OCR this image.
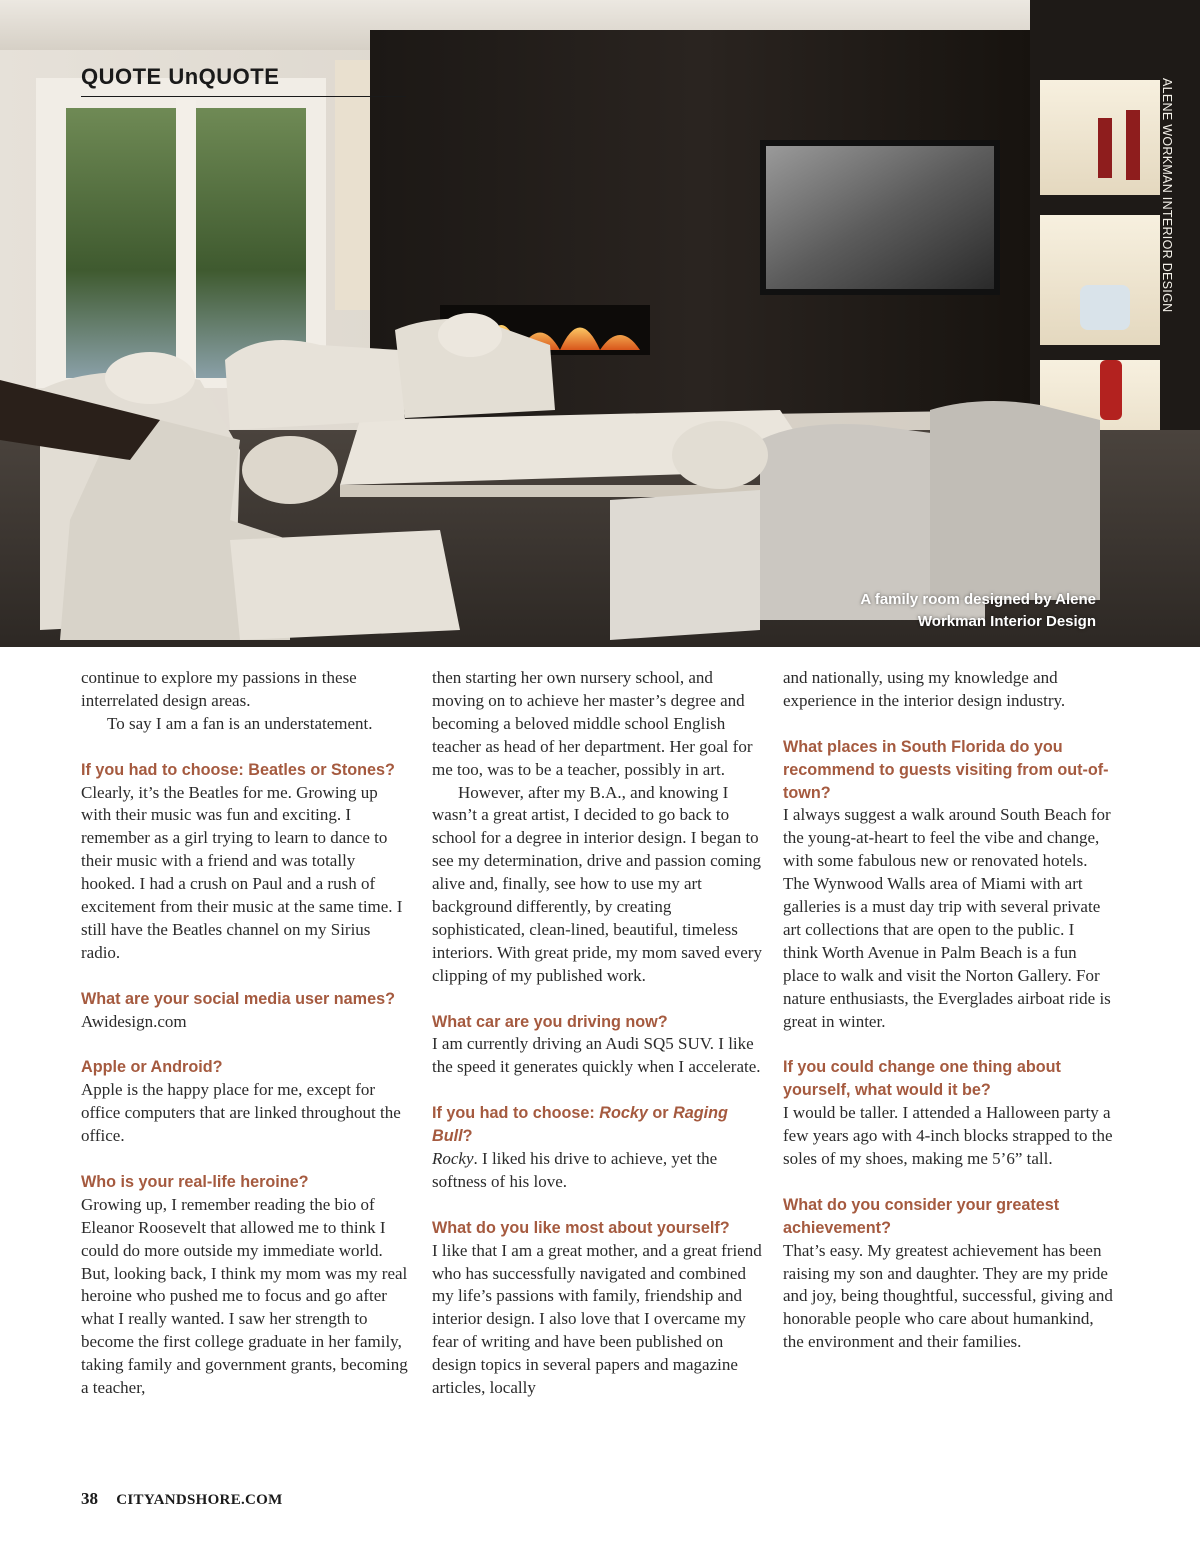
QUOTE UnQUOTE
ALENE WORKMAN INTERIOR DESIGN
A family room designed by Alene
Workman Interior Design

continue to explore my passions in these interrelated design areas.

To say I am a fan is an understatement.

If you had to choose: Beatles or Stones?

Clearly, it’s the Beatles for me. Growing up with their music was fun and exciting. I remember as a girl trying to learn to dance to their music with a friend and was totally hooked. I had a crush on Paul and a rush of excitement from their music at the same time. I still have the Beatles channel on my Sirius radio.

What are your social media user names?

Awidesign.com

Apple or Android?

Apple is the happy place for me, except for office computers that are linked throughout the office.

Who is your real-life heroine?

Growing up, I remember reading the bio of Eleanor Roosevelt that allowed me to think I could do more outside my immediate world. But, looking back, I think my mom was my real heroine who pushed me to focus and go after what I really wanted. I saw her strength to become the first college graduate in her family, taking family and government grants, becoming a teacher,

then starting her own nursery school, and moving on to achieve her master’s degree and becoming a beloved middle school English teacher as head of her department. Her goal for me too, was to be a teacher, possibly in art.

However, after my B.A., and knowing I wasn’t a great artist, I decided to go back to school for a degree in interior design. I began to see my determination, drive and passion coming alive and, finally, see how to use my art background differently, by creating sophisticated, clean-lined, beautiful, timeless interiors. With great pride, my mom saved every clipping of my published work.

What car are you driving now?

I am currently driving an Audi SQ5 SUV. I like the speed it generates quickly when I accelerate.

If you had to choose: Rocky or Raging Bull?

Rocky. I liked his drive to achieve, yet the softness of his love.

What do you like most about yourself?

I like that I am a great mother, and a great friend who has successfully navigated and combined my life’s passions with family, friendship and interior design. I also love that I overcame my fear of writing and have been published on design topics in several papers and magazine articles, locally

and nationally, using my knowledge and experience in the interior design industry.

What places in South Florida do you recommend to guests visiting from out-of-town?

I always suggest a walk around South Beach for the young-at-heart to feel the vibe and change, with some fabulous new or renovated hotels. The Wynwood Walls area of Miami with art galleries is a must day trip with several private art collections that are open to the public. I think Worth Avenue in Palm Beach is a fun place to walk and visit the Norton Gallery. For nature enthusiasts, the Everglades airboat ride is great in winter.

If you could change one thing about yourself, what would it be?

I would be taller. I attended a Halloween party a few years ago with 4-inch blocks strapped to the soles of my shoes, making me 5’6” tall.

What do you consider your greatest achievement?

That’s easy. My greatest achievement has been raising my son and daughter. They are my pride and joy, being thoughtful, successful, giving and honorable people who care about humankind, the environment and their families.

38 CITYANDSHORE.COM
